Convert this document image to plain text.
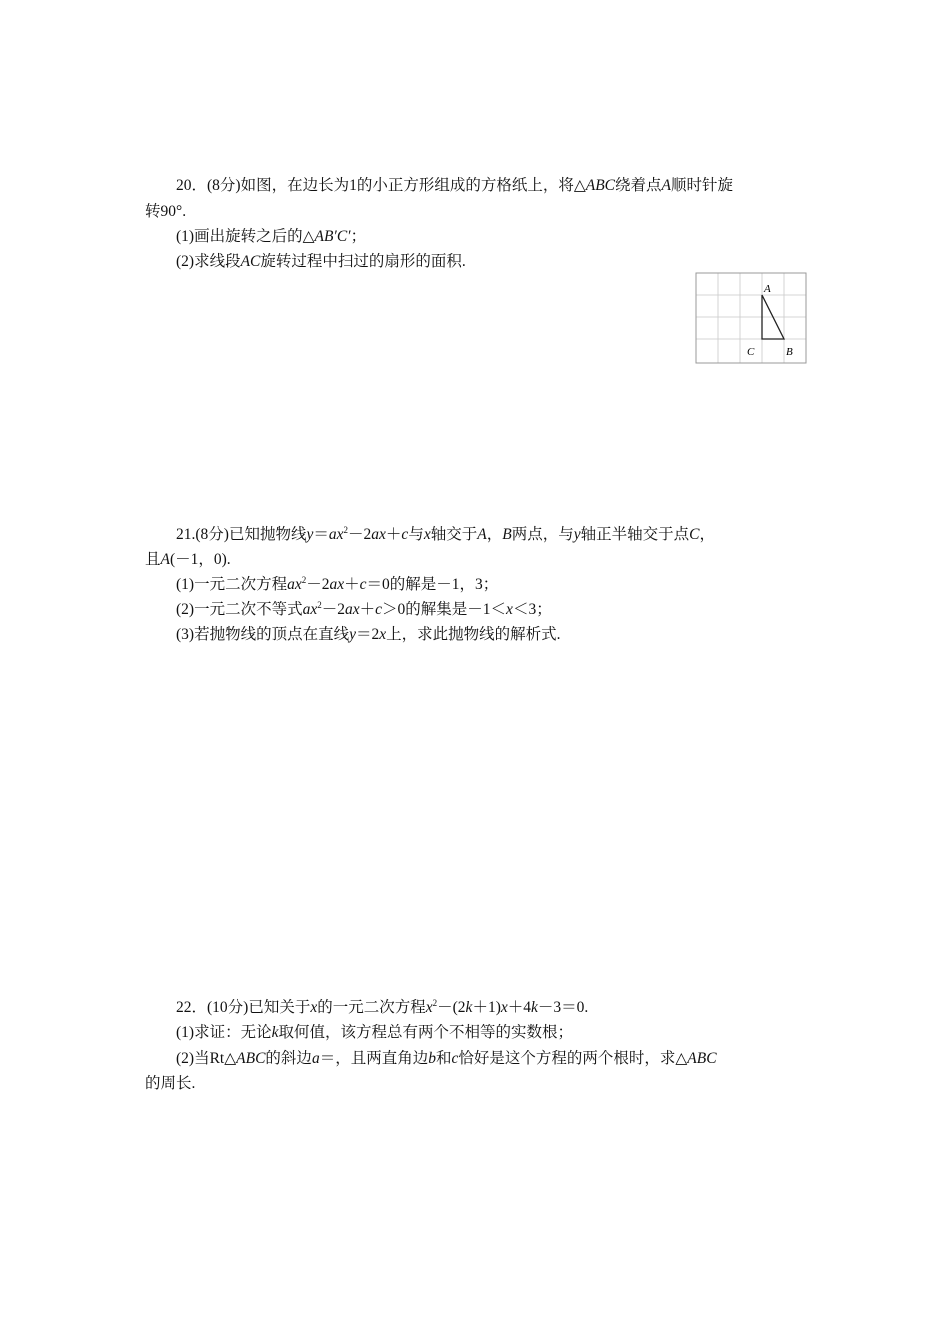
20．(8分)如图，在边长为1的小正方形组成的方格纸上，将△ABC绕着点A顺时针旋
转90°.
(1)画出旋转之后的△AB′C′；
(2)求线段AC旋转过程中扫过的扇形的面积.
A
C	B
21.(8分)已知抛物线$y=ax^2-2ax+c$与x轴交于A，B两点，与y轴正半轴交于点C，
且A(－1，0).
(1)一元二次方程$ax^2-2ax+c=0$的解是－1，3；
(2)一元二次不等式$ax^2-2ax+c>0$的解集是－1＜x＜3；
(3)若抛物线的顶点在直线y＝2x上，求此抛物线的解析式.
22．(10分)已知关于x的一元二次方程$x^2-(2k+1)x+4k-3=0$.
(1)求证：无论k取何值，该方程总有两个不相等的实数根；
(2)当Rt△ABC的斜边a＝，且两直角边b和c恰好是这个方程的两个根时，求△ABC
的周长.
